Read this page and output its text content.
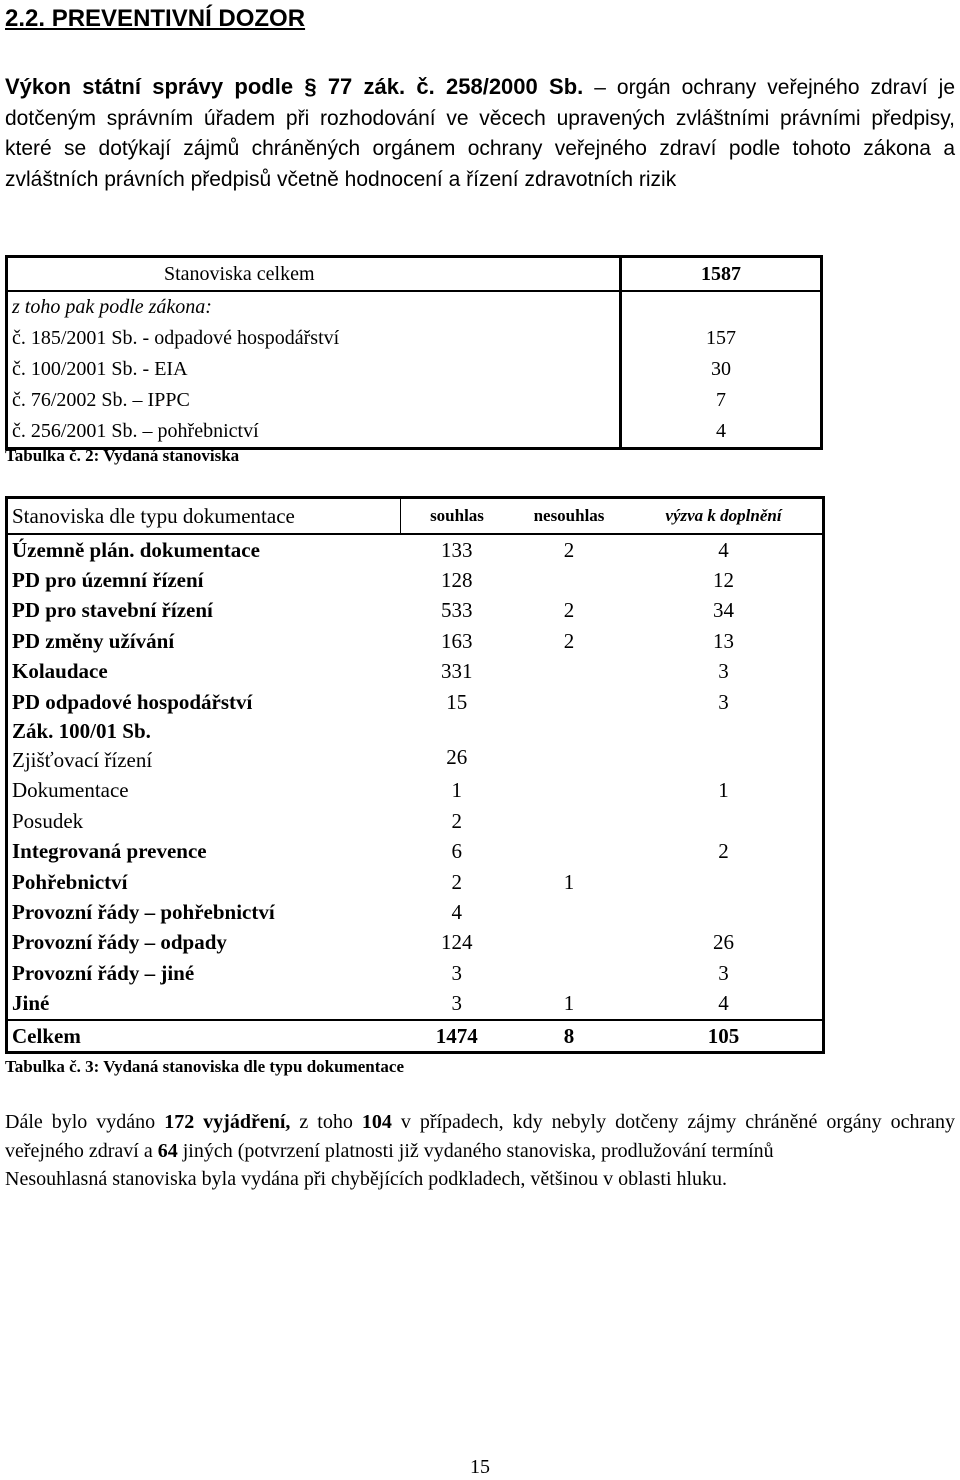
2.2. PREVENTIVNÍ DOZOR
Výkon státní správy podle § 77 zák. č. 258/2000 Sb. – orgán ochrany veřejného zdraví je dotčeným správním úřadem při rozhodování ve věcech upravených zvláštními právními předpisy, které se dotýkají zájmů chráněných orgánem ochrany veřejného zdraví podle tohoto zákona a zvláštních právních předpisů včetně hodnocení a řízení zdravotních rizik
Stanoviska celkem	1587
z toho pak podle zákona:	
č. 185/2001 Sb. - odpadové hospodářství	157
č. 100/2001 Sb. - EIA	30
č. 76/2002 Sb. – IPPC	7
č. 256/2001 Sb. – pohřebnictví	4
Tabulka č. 2: Vydaná stanoviska
Stanoviska dle typu dokumentace	souhlas	nesouhlas	výzva k doplnění
Územně plán. dokumentace	133	2	4
PD pro územní řízení	128		12
PD pro stavební řízení	533	2	34
PD změny užívání	163	2	13
Kolaudace	331		3
PD odpadové hospodářství	15		3
Zák. 100/01 Sb.			
Zjišťovací řízení	26		
Dokumentace	1		1
Posudek	2		
Integrovaná prevence	6		2
Pohřebnictví	2	1	
Provozní řády – pohřebnictví	4		
Provozní řády – odpady	124		26
Provozní řády – jiné	3		3
Jiné	3	1	4
Celkem	1474	8	105
Tabulka č. 3: Vydaná stanoviska dle typu dokumentace
Dále bylo vydáno 172 vyjádření, z toho 104 v případech, kdy nebyly dotčeny zájmy chráněné orgány ochrany veřejného zdraví a 64 jiných (potvrzení platnosti již vydaného stanoviska, prodlužování termínů
Nesouhlasná stanoviska byla vydána při chybějících podkladech, většinou v oblasti hluku.
15
